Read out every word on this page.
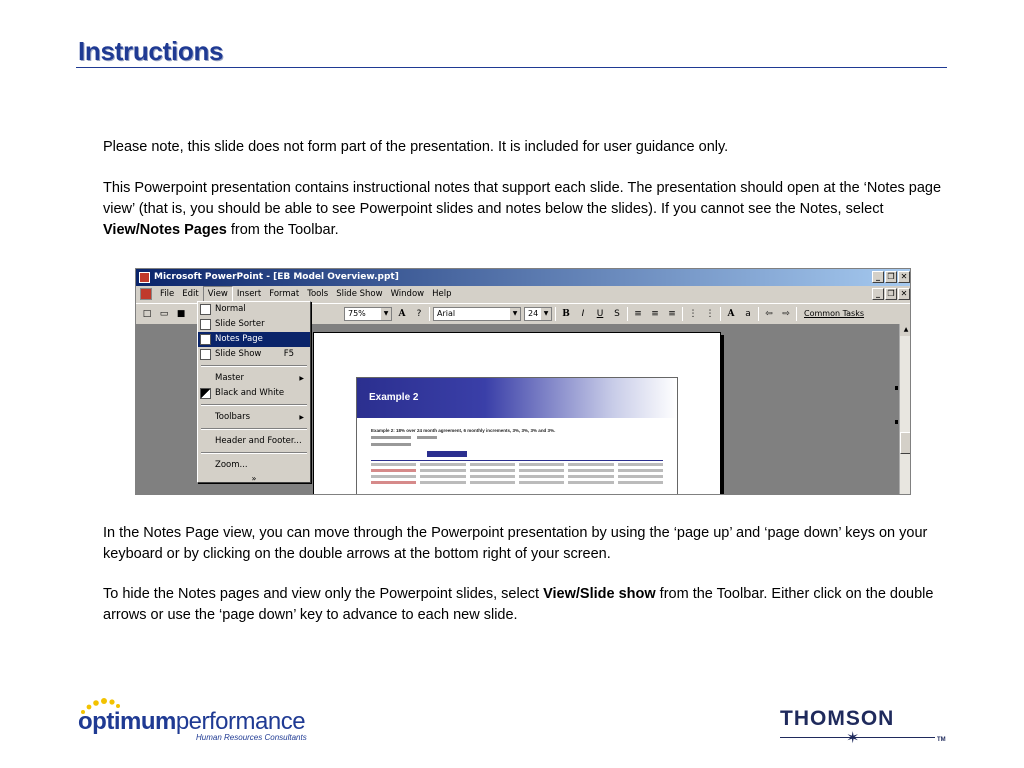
Instructions
Please note, this slide does not form part of the presentation. It is included for user guidance only.
This Powerpoint presentation contains instructional notes that support each slide. The presentation should open at the ‘Notes page view’ (that is, you should be able to see Powerpoint slides and notes below the slides). If you cannot see the Notes, select View/Notes Pages from the Toolbar.
Microsoft PowerPoint - [EB Model Overview.ppt]	_ ❐ ✕
File Edit	View	Insert Format Tools Slide Show Window Help	_ ❐ ✕
□ ▭ ■	75%	▼	A	?	Arial	▼	24 ▼	B	I	U	S	≡	≡	≡	⋮ ⋮	A	a	⇦	⇨	Common Tasks
Example 2
Example 2: 18% over 24 month agreement, 6 monthly increments, 3%, 3%, 3% and 3%.
▲
Normal
Slide Sorter
Notes Page
Slide Show	F5
Master	▶
Black and White
Toolbars	▶
Header and Footer...
Zoom...
»
In the Notes Page view, you can move through the Powerpoint presentation by using the ‘page up’ and ‘page down’ keys on your keyboard or by clicking on the double arrows at the bottom right of your screen.
To hide the Notes pages and view only the Powerpoint slides, select View/Slide show from the Toolbar. Either click on the double arrows or use the ‘page down’ key to advance to each new slide.
optimumperformance
Human Resources Consultants
THOMSON
✶	TM
